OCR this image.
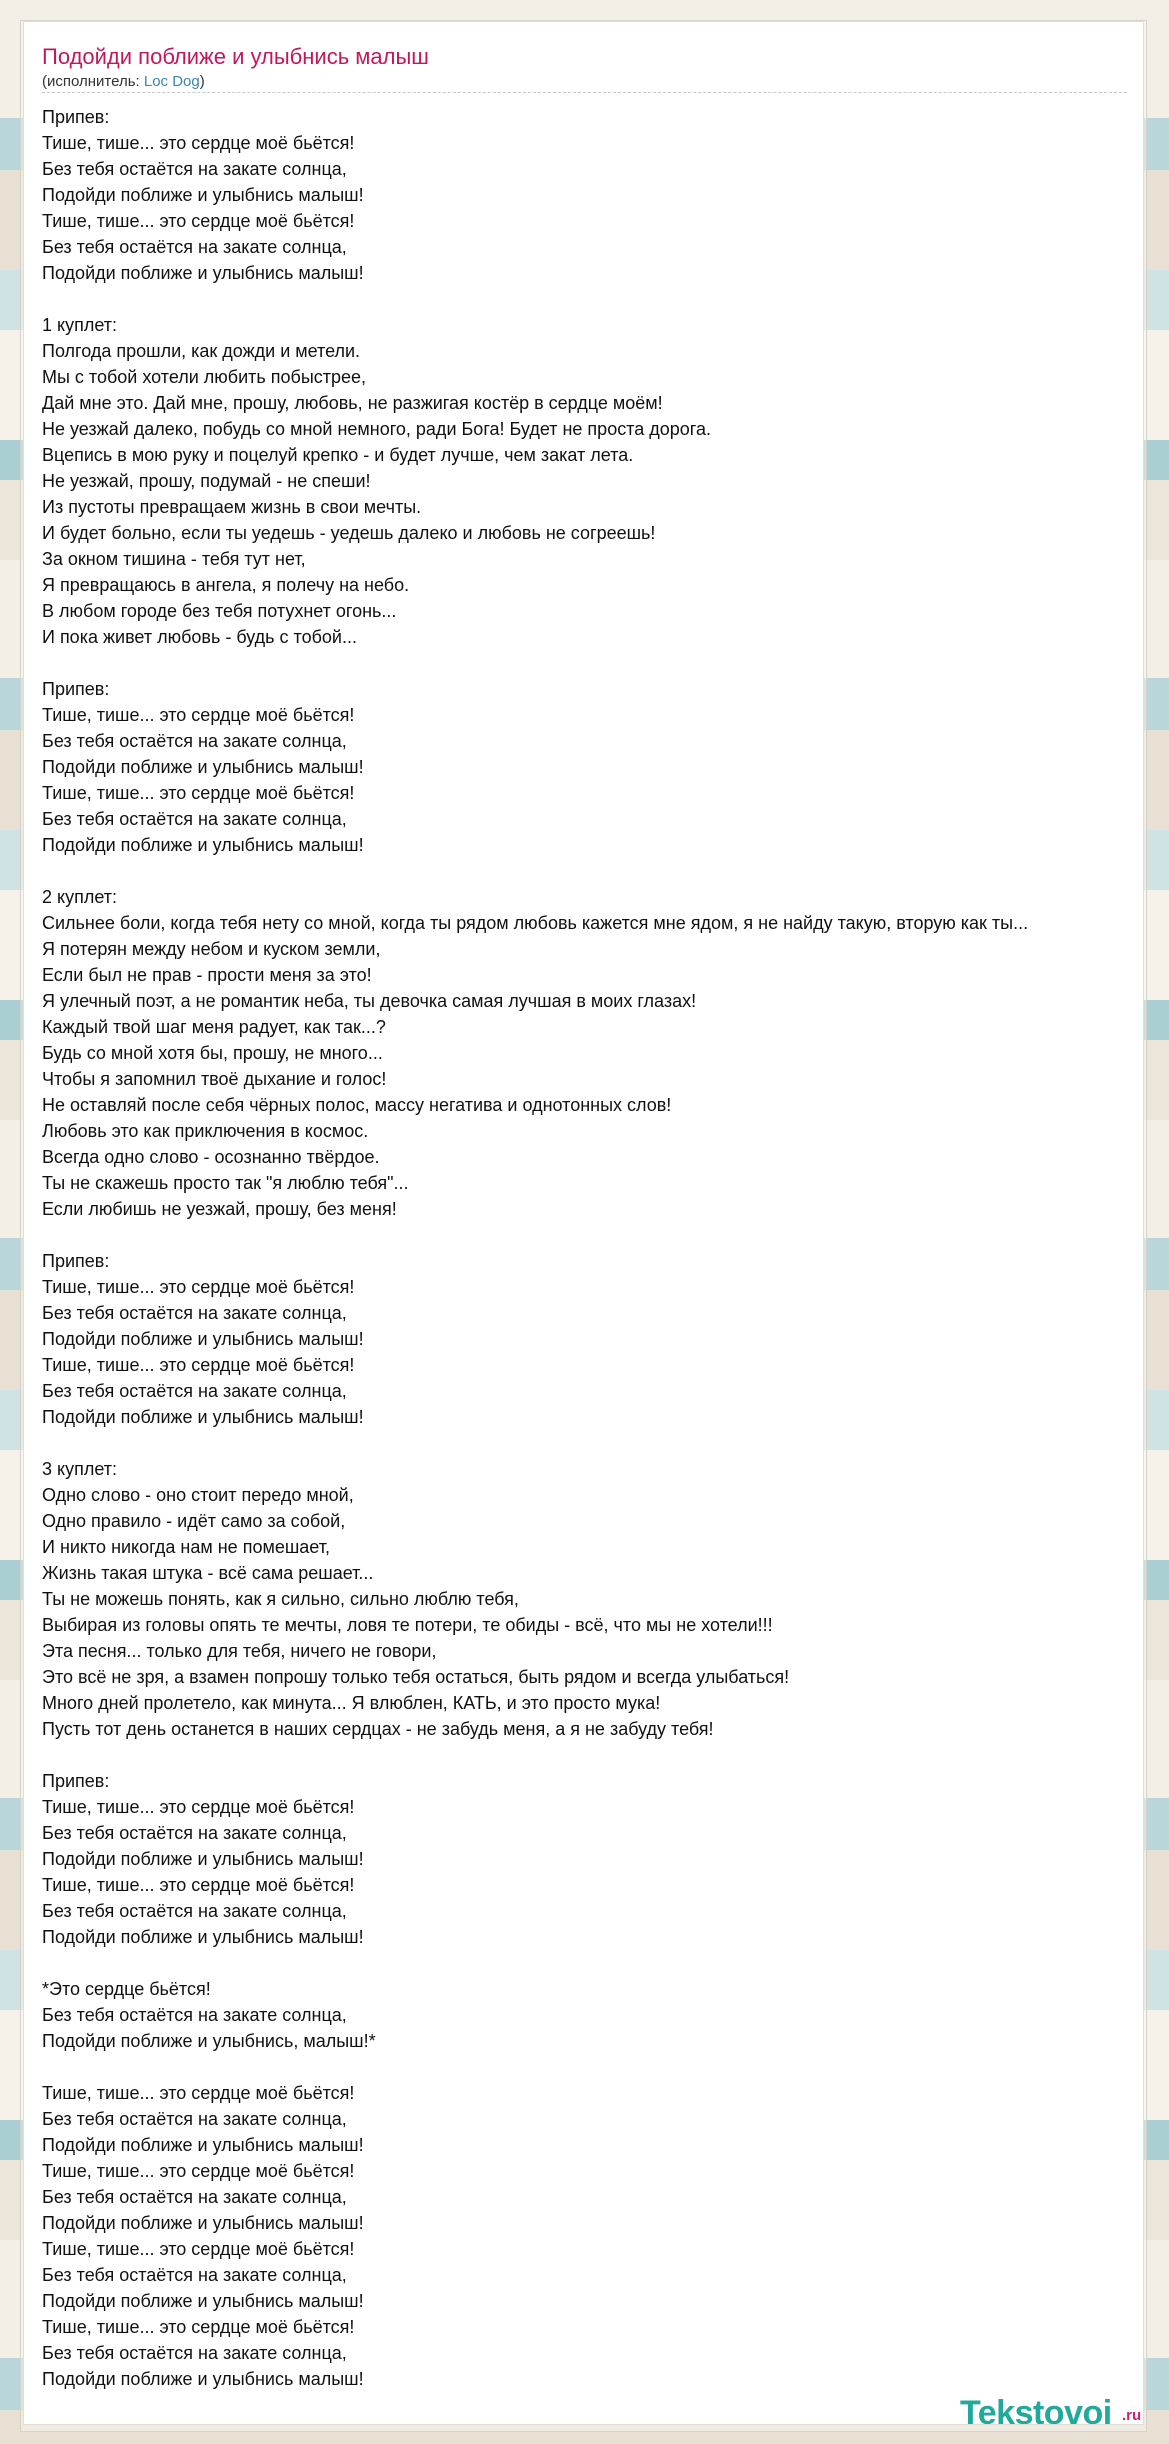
Подойди поближе и улыбнись малыш
(исполнитель: Loc Dog)
Припев:
Тише, тише... это сердце моё бьётся!
Без тебя остаётся на закате солнца,
Подойди поближе и улыбнись малыш!
Тише, тише... это сердце моё бьётся!
Без тебя остаётся на закате солнца,
Подойди поближе и улыбнись малыш!

1 куплет:
Полгода прошли, как дожди и метели.
Мы с тобой хотели любить побыстрее,
Дай мне это. Дай мне, прошу, любовь, не разжигая костёр в сердце моём!
Не уезжай далеко, побудь со мной немного, ради Бога! Будет не проста дорога.
Вцепись в мою руку и поцелуй крепко - и будет лучше, чем закат лета.
Не уезжай, прошу, подумай - не спеши!
Из пустоты превращаем жизнь в свои мечты.
И будет больно, если ты уедешь - уедешь далеко и любовь не согреешь!
За окном тишина - тебя тут нет,
Я превращаюсь в ангела, я полечу на небо.
В любом городе без тебя потухнет огонь...
И пока живет любовь - будь с тобой...

Припев:
Тише, тише... это сердце моё бьётся!
Без тебя остаётся на закате солнца,
Подойди поближе и улыбнись малыш!
Тише, тише... это сердце моё бьётся!
Без тебя остаётся на закате солнца,
Подойди поближе и улыбнись малыш!

2 куплет:
Сильнее боли, когда тебя нету со мной, когда ты рядом любовь кажется мне ядом, я не найду такую, вторую как ты...
Я потерян между небом и куском земли,
Если был не прав - прости меня за это!
Я улечный поэт, а не романтик неба, ты девочка самая лучшая в моих глазах!
Каждый твой шаг меня радует, как так...?
Будь со мной хотя бы, прошу, не много...
Чтобы я запомнил твоё дыхание и голос!
Не оставляй после себя чёрных полос, массу негатива и однотонных слов!
Любовь это как приключения в космос.
Всегда одно слово - осознанно твёрдое.
Ты не скажешь просто так "я люблю тебя"...
Если любишь не уезжай, прошу, без меня!

Припев:
Тише, тише... это сердце моё бьётся!
Без тебя остаётся на закате солнца,
Подойди поближе и улыбнись малыш!
Тише, тише... это сердце моё бьётся!
Без тебя остаётся на закате солнца,
Подойди поближе и улыбнись малыш!

3 куплет:
Одно слово - оно стоит передо мной,
Одно правило - идёт само за собой,
И никто никогда нам не помешает,
Жизнь такая штука - всё сама решает...
Ты не можешь понять, как я сильно, сильно люблю тебя,
Выбирая из головы опять те мечты, ловя те потери, те обиды - всё, что мы не хотели!!!
Эта песня... только для тебя, ничего не говори,
Это всё не зря, а взамен попрошу только тебя остаться, быть рядом и всегда улыбаться!
Много дней пролетело, как минута... Я влюблен, КАТЬ, и это просто мука!
Пусть тот день останется в наших сердцах - не забудь меня, а я не забуду тебя!

Припев:
Тише, тише... это сердце моё бьётся!
Без тебя остаётся на закате солнца,
Подойди поближе и улыбнись малыш!
Тише, тише... это сердце моё бьётся!
Без тебя остаётся на закате солнца,
Подойди поближе и улыбнись малыш!

*Это сердце бьётся!
Без тебя остаётся на закате солнца,
Подойди поближе и улыбнись, малыш!*

Тише, тише... это сердце моё бьётся!
Без тебя остаётся на закате солнца,
Подойди поближе и улыбнись малыш!
Тише, тише... это сердце моё бьётся!
Без тебя остаётся на закате солнца,
Подойди поближе и улыбнись малыш!
Тише, тише... это сердце моё бьётся!
Без тебя остаётся на закате солнца,
Подойди поближе и улыбнись малыш!
Тише, тише... это сердце моё бьётся!
Без тебя остаётся на закате солнца,
Подойди поближе и улыбнись малыш!
Tekstovoi .ru
